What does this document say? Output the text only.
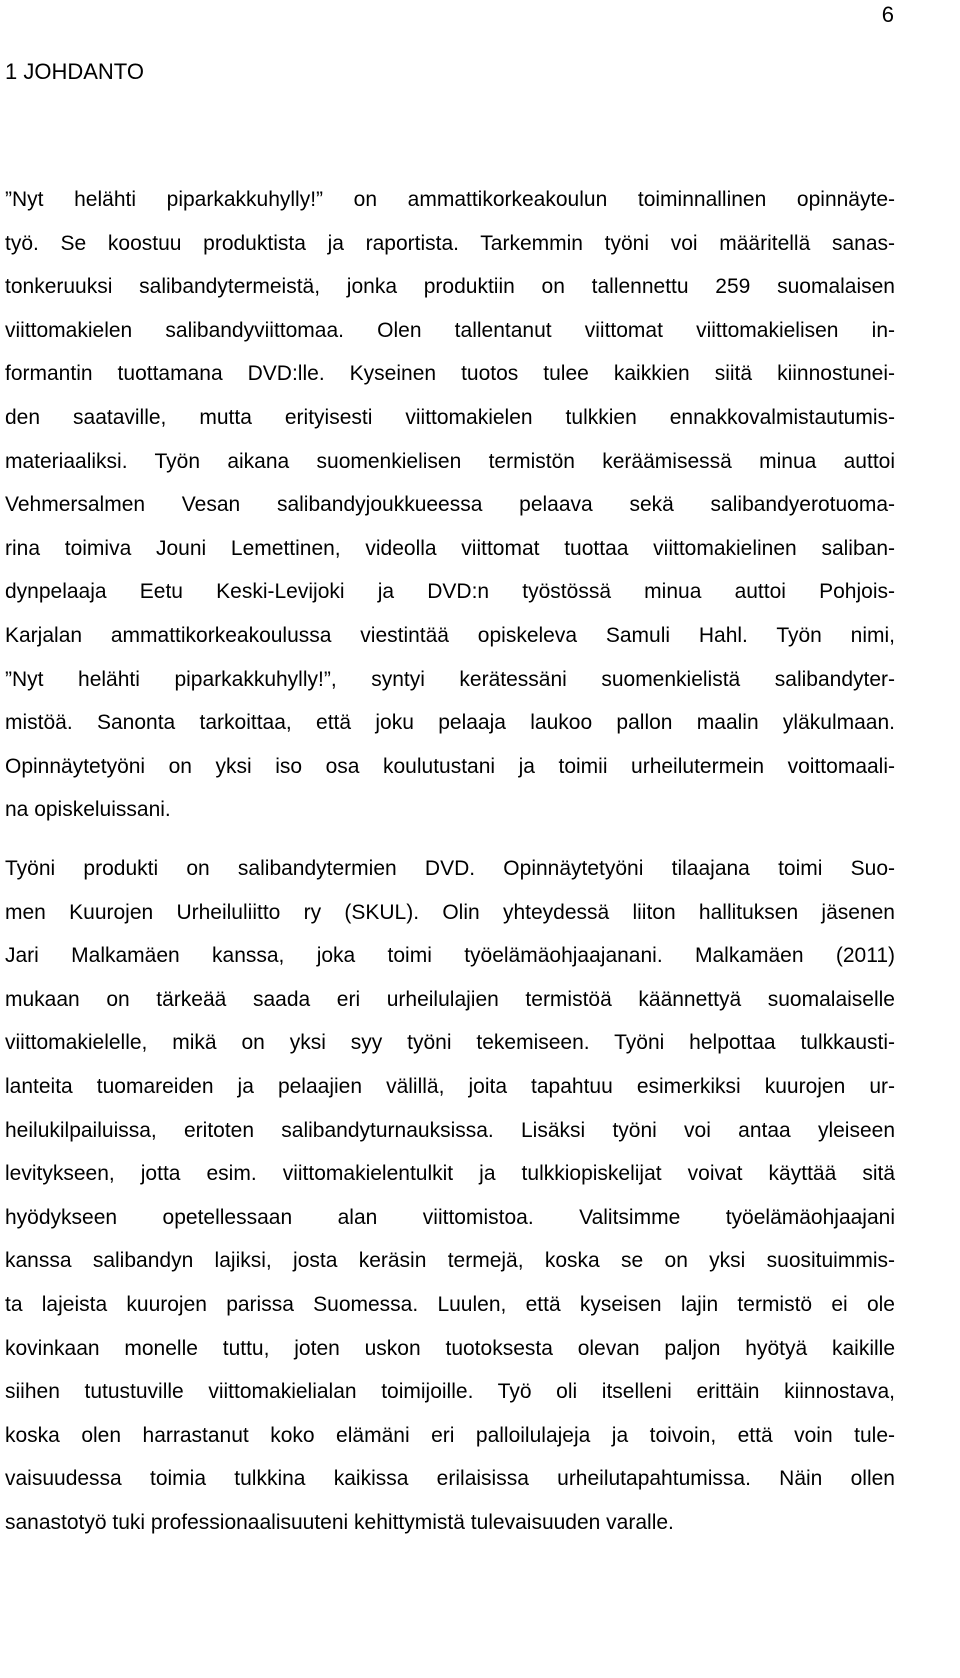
6
1 JOHDANTO
”Nyt helähti piparkakkuhylly!” on ammattikorkeakoulun toiminnallinen opinnäyte-
työ. Se koostuu produktista ja raportista. Tarkemmin työni voi määritellä sanas-
tonkeruuksi salibandytermeistä, jonka produktiin on tallennettu 259 suomalaisen
viittomakielen salibandyviittomaa. Olen tallentanut viittomat viittomakielisen in-
formantin tuottamana DVD:lle. Kyseinen tuotos tulee kaikkien siitä kiinnostunei-
den saataville, mutta erityisesti viittomakielen tulkkien ennakkovalmistautumis-
materiaaliksi. Työn aikana suomenkielisen termistön keräämisessä minua auttoi
Vehmersalmen Vesan salibandyjoukkueessa pelaava sekä salibandyerotuoma-
rina toimiva Jouni Lemettinen, videolla viittomat tuottaa viittomakielinen saliban-
dynpelaaja Eetu Keski-Levijoki ja DVD:n työstössä minua auttoi Pohjois-
Karjalan ammattikorkeakoulussa viestintää opiskeleva Samuli Hahl. Työn nimi,
”Nyt helähti piparkakkuhylly!”, syntyi kerätessäni suomenkielistä salibandyter-
mistöä. Sanonta tarkoittaa, että joku pelaaja laukoo pallon maalin yläkulmaan.
Opinnäytetyöni on yksi iso osa koulutustani ja toimii urheilutermein voittomaali-
na opiskeluissani.
Työni produkti on salibandytermien DVD. Opinnäytetyöni tilaajana toimi Suo-
men Kuurojen Urheiluliitto ry (SKUL). Olin yhteydessä liiton hallituksen jäsenen
Jari Malkamäen kanssa, joka toimi työelämäohjaajanani. Malkamäen (2011)
mukaan on tärkeää saada eri urheilulajien termistöä käännettyä suomalaiselle
viittomakielelle, mikä on yksi syy työni tekemiseen. Työni helpottaa tulkkausti-
lanteita tuomareiden ja pelaajien välillä, joita tapahtuu esimerkiksi kuurojen ur-
heilukilpailuissa, eritoten salibandyturnauksissa. Lisäksi työni voi antaa yleiseen
levitykseen, jotta esim. viittomakielentulkit ja tulkkiopiskelijat voivat käyttää sitä
hyödykseen opetellessaan alan viittomistoa. Valitsimme työelämäohjaajani
kanssa salibandyn lajiksi, josta keräsin termejä, koska se on yksi suosituimmis-
ta lajeista kuurojen parissa Suomessa. Luulen, että kyseisen lajin termistö ei ole
kovinkaan monelle tuttu, joten uskon tuotoksesta olevan paljon hyötyä kaikille
siihen tutustuville viittomakielialan toimijoille. Työ oli itselleni erittäin kiinnostava,
koska olen harrastanut koko elämäni eri palloilulajeja ja toivoin, että voin tule-
vaisuudessa toimia tulkkina kaikissa erilaisissa urheilutapahtumissa. Näin ollen
sanastotyö tuki professionaalisuuteni kehittymistä tulevaisuuden varalle.
